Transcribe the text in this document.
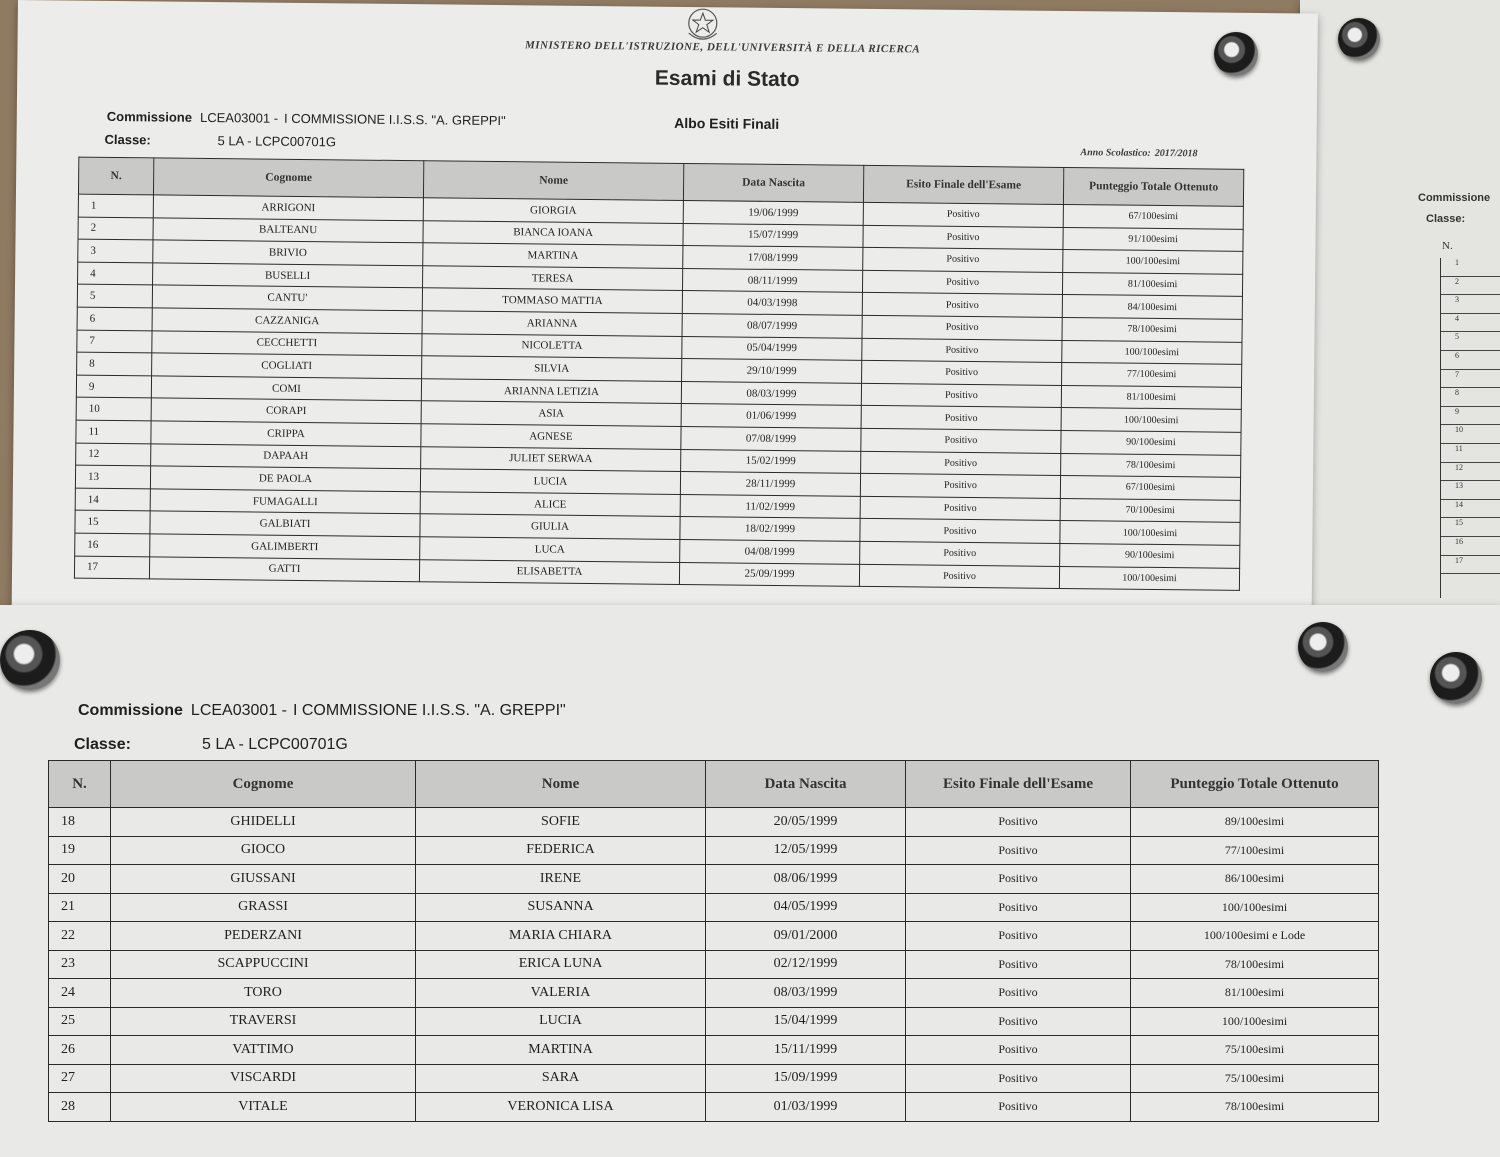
Commissione
Classe:
N.
1
2
3
4
5
6
7
8
9
10
11
12
13
14
15
16
17
MINISTERO DELL'ISTRUZIONE, DELL'UNIVERSITÀ E DELLA RICERCA
Esami di Stato
Albo Esiti Finali
Anno Scolastico: 2017/2018
Commissione LCEA03001 - I COMMISSIONE I.I.S.S. "A. GREPPI"
Classe:	5 LA - LCPC00701G
N.	Cognome	Nome	Data Nascita	Esito Finale dell'Esame	Punteggio Totale Ottenuto
1	ARRIGONI	GIORGIA	19/06/1999	Positivo	67/100esimi
2	BALTEANU	BIANCA IOANA	15/07/1999	Positivo	91/100esimi
3	BRIVIO	MARTINA	17/08/1999	Positivo	100/100esimi
4	BUSELLI	TERESA	08/11/1999	Positivo	81/100esimi
5	CANTU'	TOMMASO MATTIA	04/03/1998	Positivo	84/100esimi
6	CAZZANIGA	ARIANNA	08/07/1999	Positivo	78/100esimi
7	CECCHETTI	NICOLETTA	05/04/1999	Positivo	100/100esimi
8	COGLIATI	SILVIA	29/10/1999	Positivo	77/100esimi
9	COMI	ARIANNA LETIZIA	08/03/1999	Positivo	81/100esimi
10	CORAPI	ASIA	01/06/1999	Positivo	100/100esimi
11	CRIPPA	AGNESE	07/08/1999	Positivo	90/100esimi
12	DAPAAH	JULIET SERWAA	15/02/1999	Positivo	78/100esimi
13	DE PAOLA	LUCIA	28/11/1999	Positivo	67/100esimi
14	FUMAGALLI	ALICE	11/02/1999	Positivo	70/100esimi
15	GALBIATI	GIULIA	18/02/1999	Positivo	100/100esimi
16	GALIMBERTI	LUCA	04/08/1999	Positivo	90/100esimi
17	GATTI	ELISABETTA	25/09/1999	Positivo	100/100esimi
Commissione LCEA03001 - I COMMISSIONE I.I.S.S. "A. GREPPI"
Classe:	5 LA - LCPC00701G
N.	Cognome	Nome	Data Nascita	Esito Finale dell'Esame	Punteggio Totale Ottenuto
18	GHIDELLI	SOFIE	20/05/1999	Positivo	89/100esimi
19	GIOCO	FEDERICA	12/05/1999	Positivo	77/100esimi
20	GIUSSANI	IRENE	08/06/1999	Positivo	86/100esimi
21	GRASSI	SUSANNA	04/05/1999	Positivo	100/100esimi
22	PEDERZANI	MARIA CHIARA	09/01/2000	Positivo	100/100esimi e Lode
23	SCAPPUCCINI	ERICA LUNA	02/12/1999	Positivo	78/100esimi
24	TORO	VALERIA	08/03/1999	Positivo	81/100esimi
25	TRAVERSI	LUCIA	15/04/1999	Positivo	100/100esimi
26	VATTIMO	MARTINA	15/11/1999	Positivo	75/100esimi
27	VISCARDI	SARA	15/09/1999	Positivo	75/100esimi
28	VITALE	VERONICA LISA	01/03/1999	Positivo	78/100esimi
